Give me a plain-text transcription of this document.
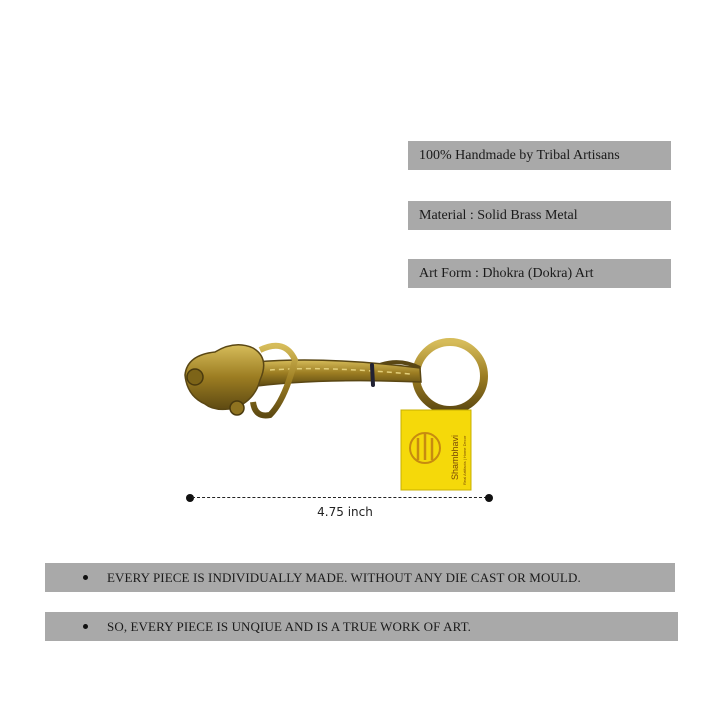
100% Handmade by Tribal Artisans
Material : Solid Brass Metal
Art Form : Dhokra (Dokra) Art
Shambhavi Real Artifacts | Home Decor
4.75 inch
EVERY PIECE IS INDIVIDUALLY MADE. WITHOUT ANY DIE CAST OR MOULD.
SO, EVERY PIECE IS UNQIUE AND IS A TRUE WORK OF ART.
